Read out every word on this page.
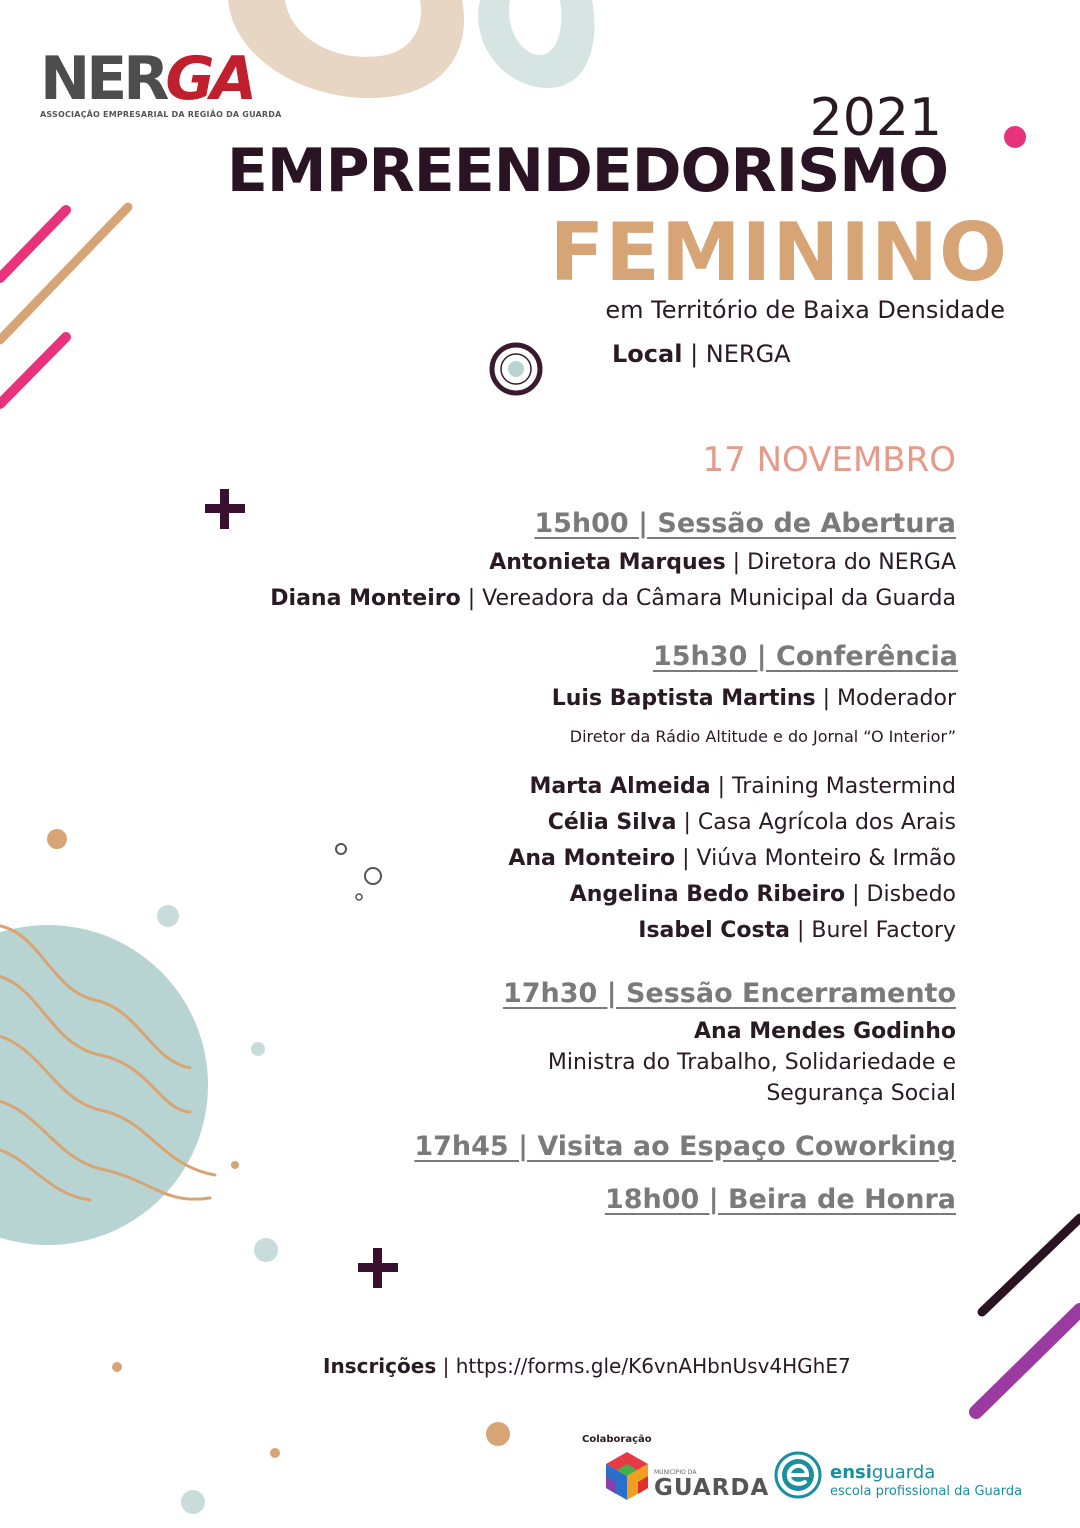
NERGA
ASSOCIAÇÃO EMPRESARIAL DA REGIÃO DA GUARDA	2021
EMPREENDEDORISMO
FEMININO
em Território de Baixa Densidade
Local | NERGA
17 NOVEMBRO
15h00 | Sessão de Abertura
Antonieta Marques | Diretora do NERGA
Diana Monteiro | Vereadora da Câmara Municipal da Guarda
15h30 | Conferência
Luis Baptista Martins | Moderador
Diretor da Rádio Altitude e do Jornal “O Interior”
Marta Almeida | Training Mastermind
Célia Silva | Casa Agrícola dos Arais
Ana Monteiro | Viúva Monteiro & Irmão
Angelina Bedo Ribeiro | Disbedo
Isabel Costa | Burel Factory
17h30 | Sessão Encerramento
Ana Mendes Godinho
Ministra do Trabalho, Solidariedade e
Segurança Social
17h45 | Visita ao Espaço Coworking
18h00 | Beira de Honra
Inscrições | https://forms.gle/K6vnAHbnUsv4HGhE7
Colaboração
MUNICÍPIO DA
GUARDA
ensiguarda
escola profissional da Guarda
